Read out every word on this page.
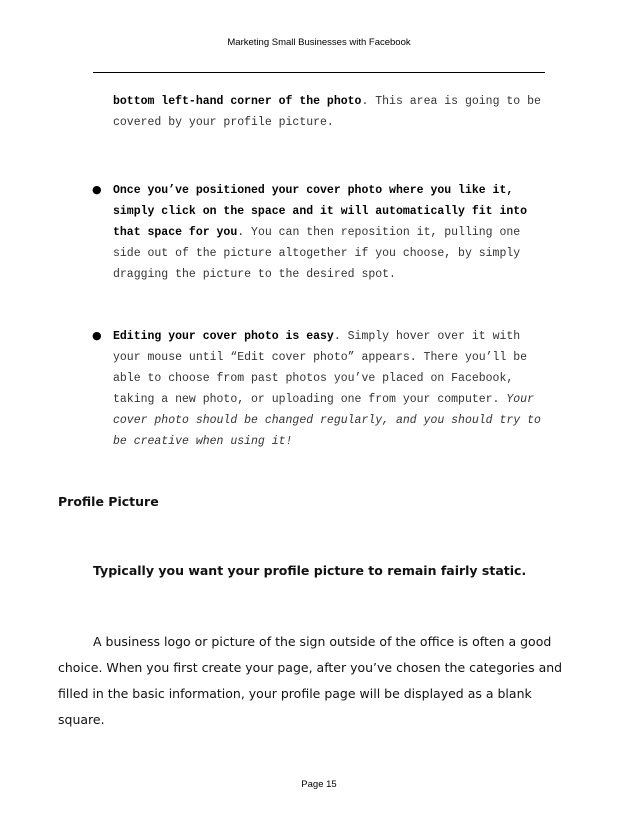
Marketing Small Businesses with Facebook
bottom left-hand corner of the photo. This area is going to be
covered by your profile picture.
● Once you’ve positioned your cover photo where you like it,
simply click on the space and it will automatically fit into
that space for you. You can then reposition it, pulling one
side out of the picture altogether if you choose, by simply
dragging the picture to the desired spot.
● Editing your cover photo is easy. Simply hover over it with
your mouse until “Edit cover photo” appears. There you’ll be
able to choose from past photos you’ve placed on Facebook,
taking a new photo, or uploading one from your computer. Your
cover photo should be changed regularly, and you should try to
be creative when using it!
Profile Picture
Typically you want your profile picture to remain fairly static.
A business logo or picture of the sign outside of the office is often a good
choice. When you first create your page, after you’ve chosen the categories and
filled in the basic information, your profile page will be displayed as a blank
square.
Page 15
